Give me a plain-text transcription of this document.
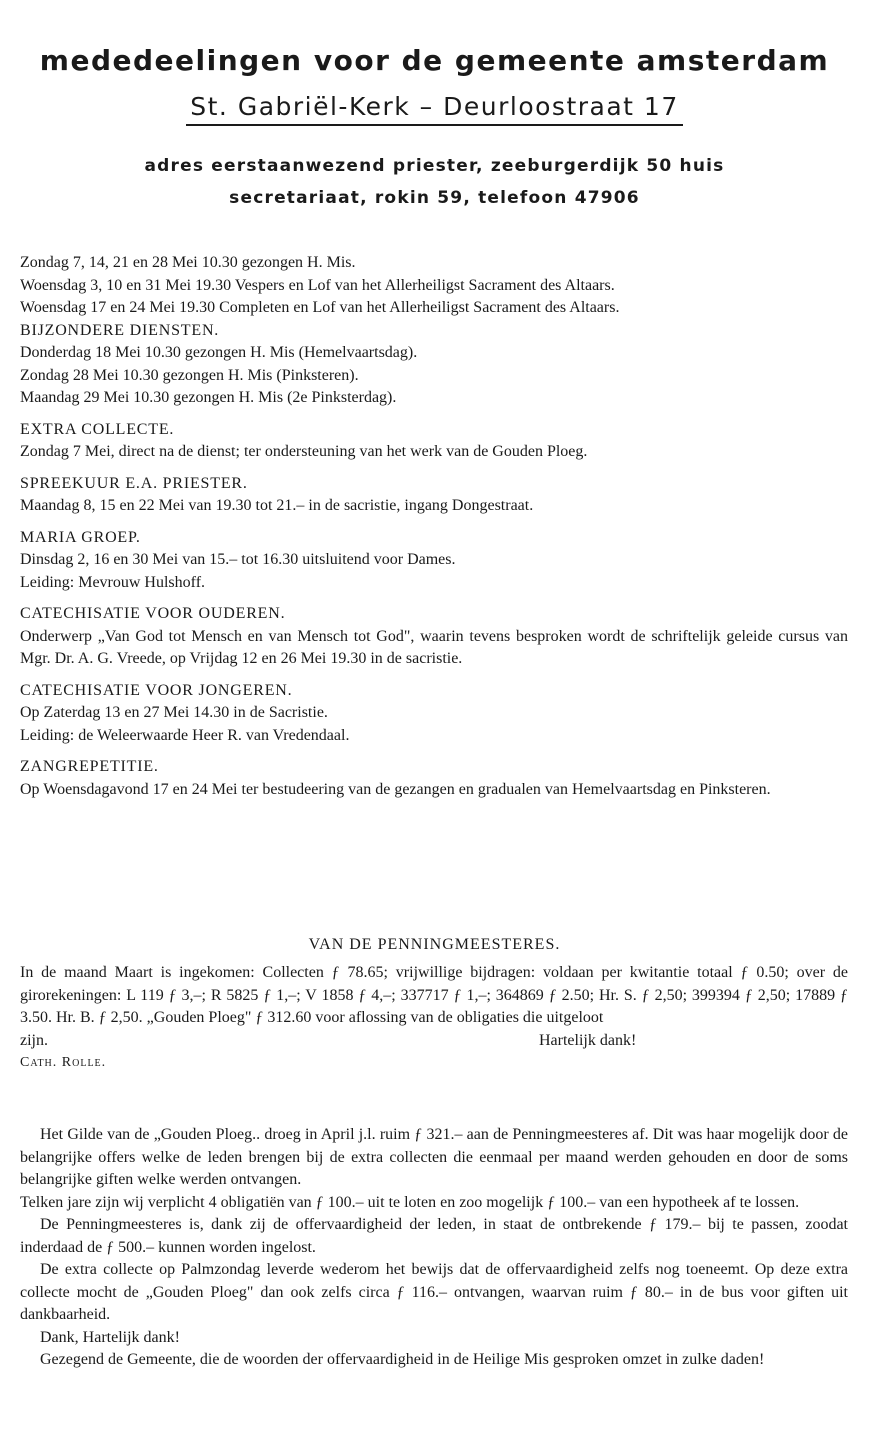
mededeelingen voor de gemeente amsterdam
St. Gabriël-Kerk – Deurloostraat 17
adres eerstaanwezend priester, zeeburgerdijk 50 huis
secretariaat, rokin 59, telefoon 47906

Zondag 7, 14, 21 en 28 Mei 10.30 gezongen H. Mis.

Woensdag 3, 10 en 31 Mei 19.30 Vespers en Lof van het Allerheiligst Sacrament des Altaars.

Woensdag 17 en 24 Mei 19.30 Completen en Lof van het Allerheiligst Sacrament des Altaars.

BIJZONDERE DIENSTEN.

Donderdag 18 Mei 10.30 gezongen H. Mis (Hemelvaartsdag).

Zondag 28 Mei 10.30 gezongen H. Mis (Pinksteren).

Maandag 29 Mei 10.30 gezongen H. Mis (2e Pinksterdag).

EXTRA COLLECTE.

Zondag 7 Mei, direct na de dienst; ter ondersteuning van het werk van de Gouden Ploeg.

SPREEKUUR E.A. PRIESTER.

Maandag 8, 15 en 22 Mei van 19.30 tot 21.– in de sacristie, ingang Dongestraat.

MARIA GROEP.

Dinsdag 2, 16 en 30 Mei van 15.– tot 16.30 uitsluitend voor Dames.

Leiding: Mevrouw Hulshoff.

CATECHISATIE VOOR OUDEREN.

Onderwerp „Van God tot Mensch en van Mensch tot God", waarin tevens besproken wordt de schriftelijk geleide cursus van Mgr. Dr. A. G. Vreede, op Vrijdag 12 en 26 Mei 19.30 in de sacristie.

CATECHISATIE VOOR JONGEREN.

Op Zaterdag 13 en 27 Mei 14.30 in de Sacristie.

Leiding: de Weleerwaarde Heer R. van Vredendaal.

ZANGREPETITIE.

Op Woensdagavond 17 en 24 Mei ter bestudeering van de gezangen en gradualen van Hemelvaartsdag en Pinksteren.

VAN DE PENNINGMEESTERES.

In de maand Maart is ingekomen: Collecten ƒ 78.65; vrijwillige bijdragen: voldaan per kwitantie totaal ƒ 0.50; over de girorekeningen: L 119 ƒ 3,–; R 5825 ƒ 1,–; V 1858 ƒ 4,–; 337717 ƒ 1,–; 364869 ƒ 2.50; Hr. S. ƒ 2,50; 399394 ƒ 2,50; 17889 ƒ 3.50. Hr. B. ƒ 2,50. „Gouden Ploeg" ƒ 312.60 voor aflossing van de obligaties die uitgeloot

zijn.	Hartelijk dank!

Cath. Rolle.

Het Gilde van de „Gouden Ploeg.. droeg in April j.l. ruim ƒ 321.– aan de Penningmeesteres af. Dit was haar mogelijk door de belangrijke offers welke de leden brengen bij de extra collecten die eenmaal per maand werden gehouden en door de soms belangrijke giften welke werden ontvangen.

Telken jare zijn wij verplicht 4 obligatiën van ƒ 100.– uit te loten en zoo mogelijk ƒ 100.– van een hypotheek af te lossen.

De Penningmeesteres is, dank zij de offervaardigheid der leden, in staat de ontbrekende ƒ 179.– bij te passen, zoodat inderdaad de ƒ 500.– kunnen worden ingelost.

De extra collecte op Palmzondag leverde wederom het bewijs dat de offervaardigheid zelfs nog toeneemt. Op deze extra collecte mocht de „Gouden Ploeg" dan ook zelfs circa ƒ 116.– ontvangen, waarvan ruim ƒ 80.– in de bus voor giften uit dankbaarheid.

Dank, Hartelijk dank!

Gezegend de Gemeente, die de woorden der offervaardigheid in de Heilige Mis gesproken omzet in zulke daden!
